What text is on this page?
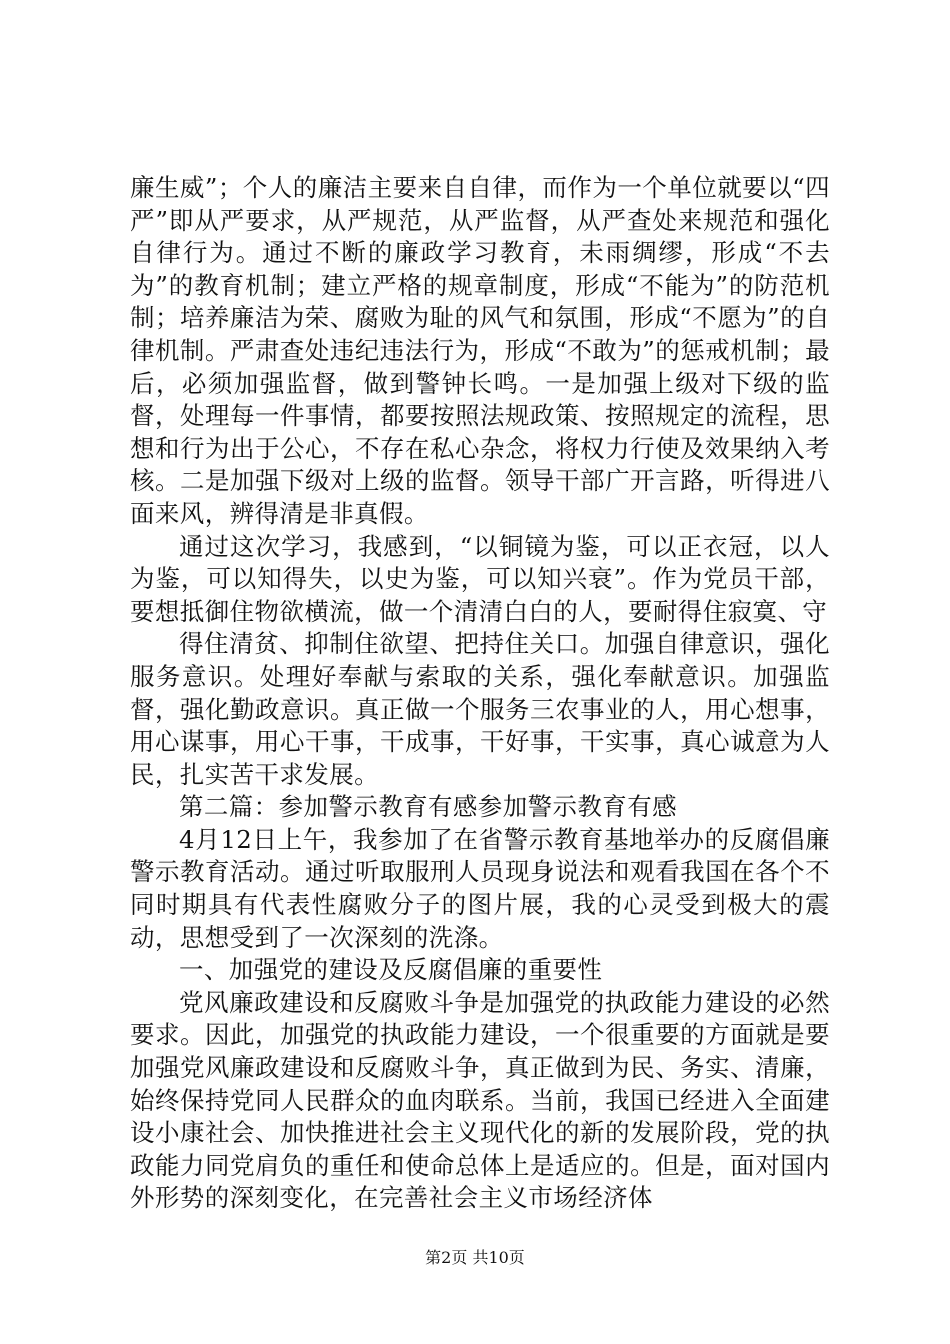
廉生威”；个人的廉洁主要来自自律，而作为一个单位就要以“四严”即从严要求，从严规范，从严监督，从严查处来规范和强化自律行为。通过不断的廉政学习教育，未雨绸缪，形成“不去为”的教育机制；建立严格的规章制度，形成“不能为”的防范机制；培养廉洁为荣、腐败为耻的风气和氛围，形成“不愿为”的自律机制。严肃查处违纪违法行为，形成“不敢为”的惩戒机制；最后，必须加强监督，做到警钟长鸣。一是加强上级对下级的监督，处理每一件事情，都要按照法规政策、按照规定的流程，思想和行为出于公心，不存在私心杂念，将权力行使及效果纳入考核。二是加强下级对上级的监督。领导干部广开言路，听得进八面来风，辨得清是非真假。

通过这次学习，我感到，“以铜镜为鉴，可以正衣冠，以人为鉴，可以知得失，以史为鉴，可以知兴衰”。作为党员干部，要想抵御住物欲横流，做一个清清白白的人，要耐得住寂寞、守

得住清贫、抑制住欲望、把持住关口。加强自律意识，强化服务意识。处理好奉献与索取的关系，强化奉献意识。加强监督，强化勤政意识。真正做一个服务三农事业的人，用心想事，用心谋事，用心干事，干成事，干好事，干实事，真心诚意为人民，扎实苦干求发展。

第二篇：参加警示教育有感参加警示教育有感

4月12日上午，我参加了在省警示教育基地举办的反腐倡廉警示教育活动。通过听取服刑人员现身说法和观看我国在各个不同时期具有代表性腐败分子的图片展，我的心灵受到极大的震动，思想受到了一次深刻的洗涤。

一、加强党的建设及反腐倡廉的重要性

党风廉政建设和反腐败斗争是加强党的执政能力建设的必然要求。因此，加强党的执政能力建设，一个很重要的方面就是要加强党风廉政建设和反腐败斗争，真正做到为民、务实、清廉，始终保持党同人民群众的血肉联系。当前，我国已经进入全面建设小康社会、加快推进社会主义现代化的新的发展阶段，党的执政能力同党肩负的重任和使命总体上是适应的。但是，面对国内外形势的深刻变化，在完善社会主义市场经济体

第2页 共10页
